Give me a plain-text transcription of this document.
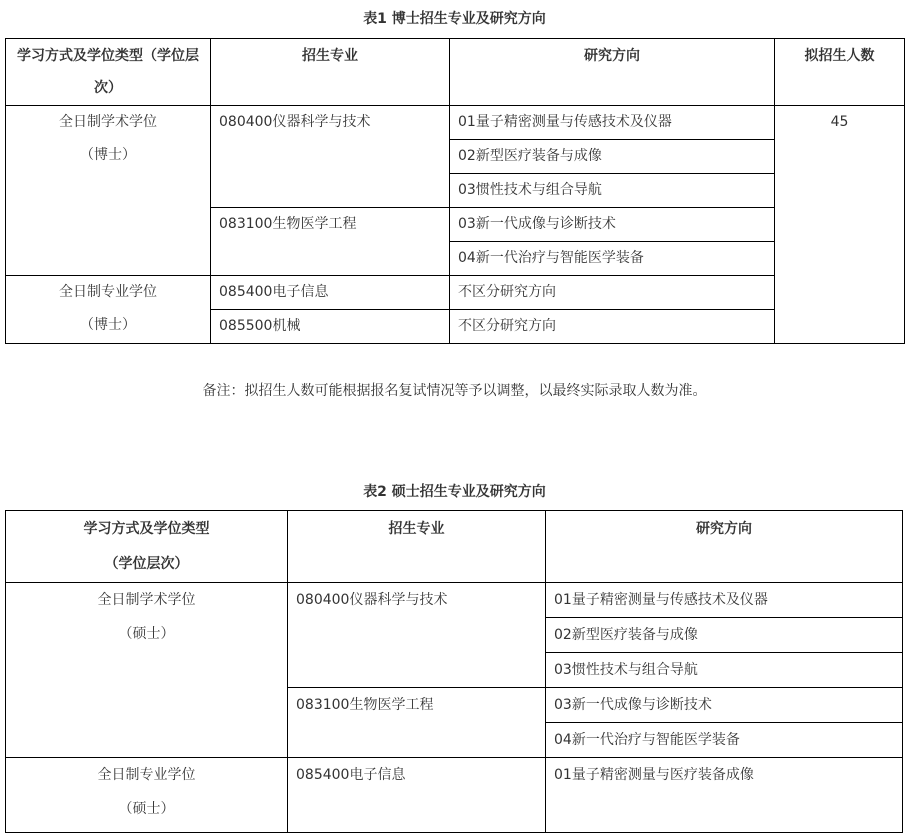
表1 博士招生专业及研究方向
学习方式及学位类型（学位层
次）	招生专业	研究方向	拟招生人数

全日制学术学位
（博士）	080400仪器科学与技术	01量子精密测量与传感技术及仪器	45
		02新型医疗装备与成像	
		03惯性技术与组合导航	
	083100生物医学工程	03新一代成像与诊断技术	
		04新一代治疗与智能医学装备	

全日制专业学位
（博士）	085400电子信息	不区分研究方向	
	085500机械	不区分研究方向	
备注：拟招生人数可能根据报名复试情况等予以调整，以最终实际录取人数为准。
表2 硕士招生专业及研究方向
学习方式及学位类型
（学位层次）	招生专业	研究方向

全日制学术学位
（硕士）	080400仪器科学与技术	01量子精密测量与传感技术及仪器
		02新型医疗装备与成像
		03惯性技术与组合导航
	083100生物医学工程	03新一代成像与诊断技术
		04新一代治疗与智能医学装备

全日制专业学位
（硕士）	085400电子信息	01量子精密测量与医疗装备成像
